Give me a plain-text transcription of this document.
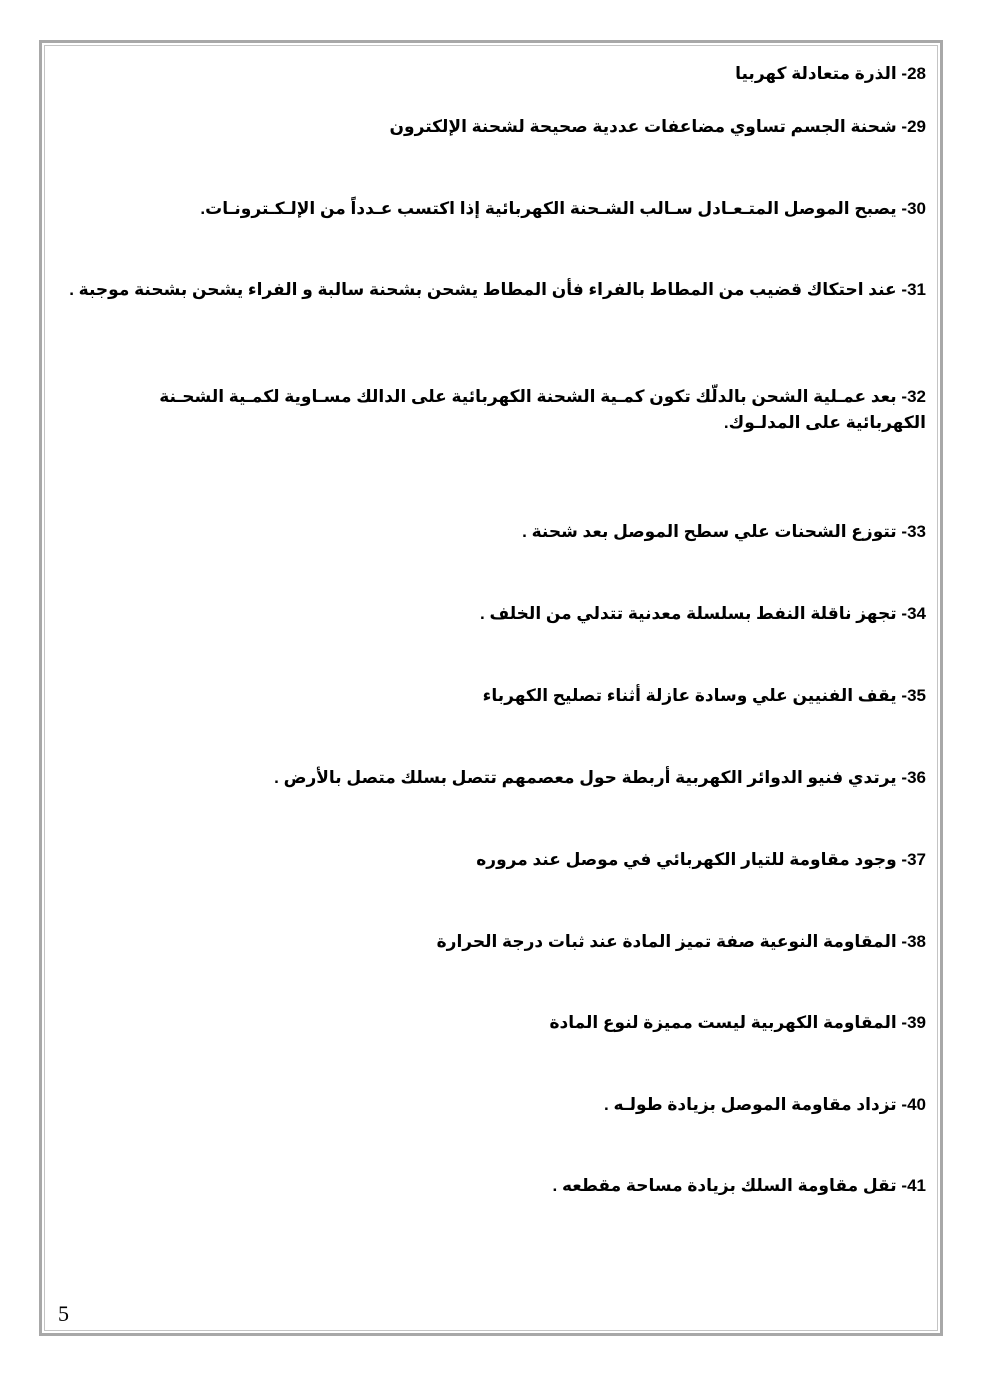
28- الذرة متعادلة كهربيا
29- شحنة الجسم تساوي مضاعفات عددية صحيحة لشحنة الإلكترون
30- يصبح الموصل المتـعـادل سـالب الشـحنة الكهربائية إذا اكتسب عـدداً من الإلـكـترونـات.
31- عند احتكاك قضيب من المطاط بالفراء فأن المطاط يشحن بشحنة سالبة و الفراء يشحن بشحنة موجبة .
32- بعد عمـلية الشحن بالدلّك تكون كمـية الشحنة الكهربائية على الدالك مسـاوية لكمـية الشحـنة الكهربائية على المدلـوك.
33- تتوزع الشحنات علي سطح الموصل بعد شحنة .
34- تجهز ناقلة النفط بسلسلة معدنية تتدلي من الخلف .
35- يقف الفنيين علي وسادة عازلة أثناء تصليح الكهرباء
36- يرتدي فنيو الدوائر الكهربية أربطة حول معصمهم تتصل بسلك متصل بالأرض .
37- وجود مقاومة للتيار الكهربائي في موصل عند مروره
38- المقاومة النوعية صفة تميز المادة عند ثبات درجة الحرارة
39- المقاومة الكهربية ليست مميزة لنوع المادة
40- تزداد مقاومة الموصل بزيادة طولـه .
41- تقل مقاومة السلك بزيادة مساحة مقطعه .
5
